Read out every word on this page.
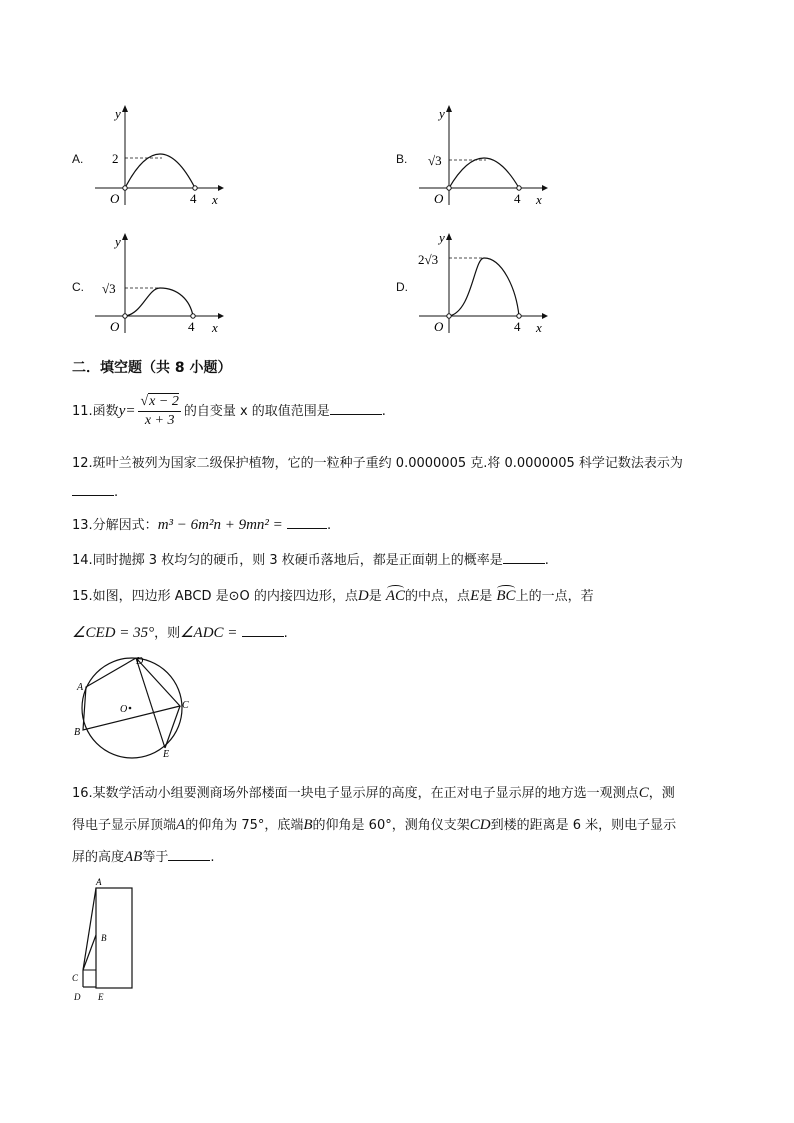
A.
y
x
O	4
2	B.
y
x
O	4
√3
C.
y
x
O	4
√3	D.
y
x
O	4
2√3
二．填空题（共 8 小题）
11.函数$y= \frac{√x - 2}{x + 3}$ 的自变量 x 的取值范围是	.
12.斑叶兰被列为国家二级保护植物，它的一粒种子重约 0.0000005 克.将 0.0000005 科学记数法表示为
.
13.分解因式：m³ − 6m²n + 9mn² =	.
14.同时抛掷 3 枚均匀的硬币，则 3 枚硬币落地后，都是正面朝上的概率是	.
15.如图，四边形 ABCD 是⊙O 的内接四边形，点D是 AC的中点，点E是 BC上的一点，若
∠CED = 35°，则∠ADC =	.
D
A
B
C
E
O
16.某数学活动小组要测商场外部楼面一块电子显示屏的高度，在正对电子显示屏的地方选一观测点C，测
得电子显示屏顶端A的仰角为 75°，底端B的仰角是 60°，测角仪支架CD到楼的距离是 6 米，则电子显示
屏的高度AB等于	.
A
B
C
D E
